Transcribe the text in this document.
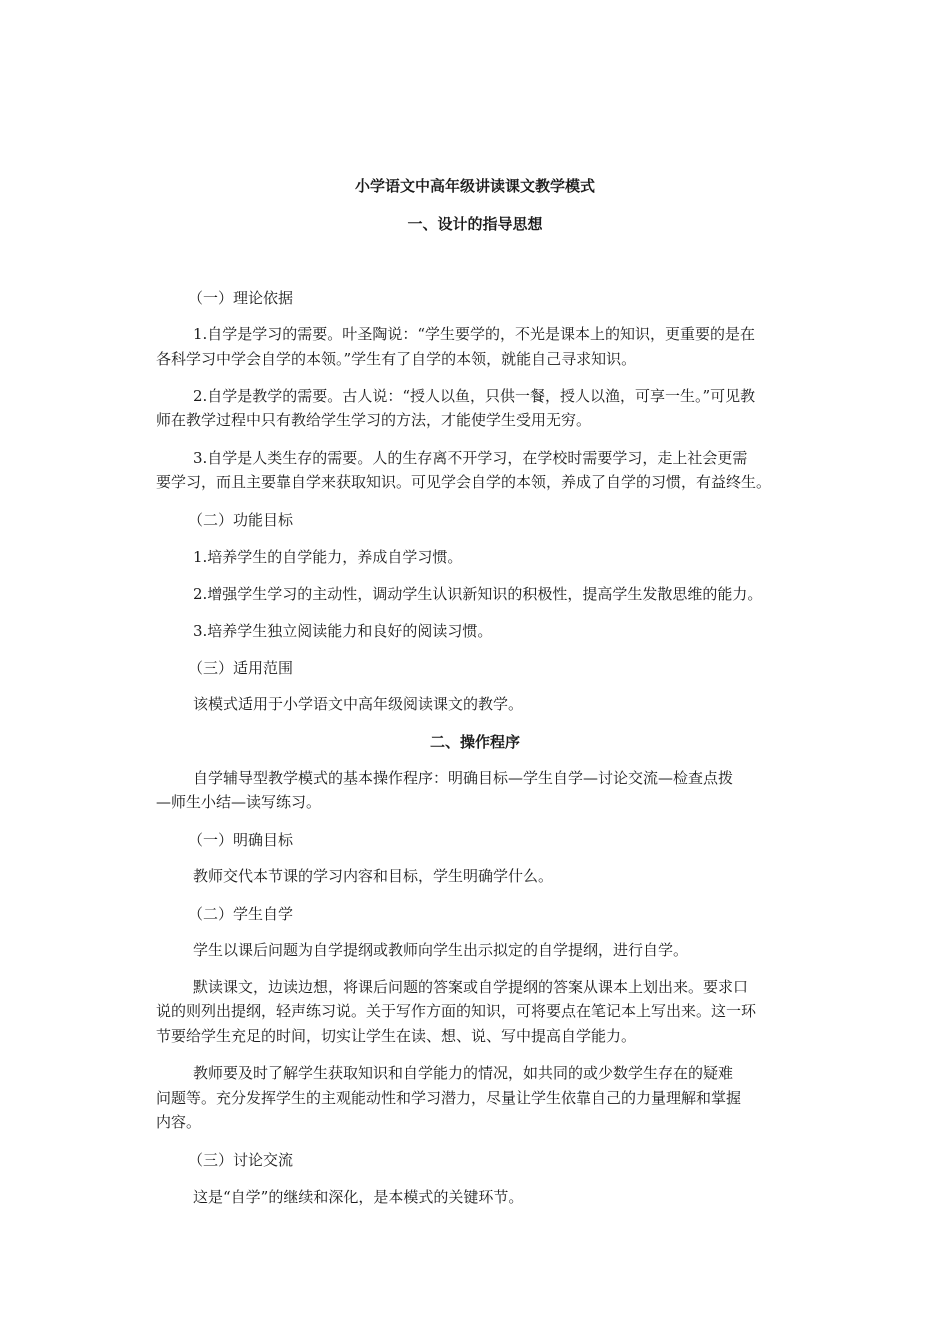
小学语文中高年级讲读课文教学模式
一、设计的指导思想
（一）理论依据
1.自学是学习的需要。叶圣陶说：“学生要学的，不光是课本上的知识，更重要的是在
各科学习中学会自学的本领。”学生有了自学的本领，就能自己寻求知识。
2.自学是教学的需要。古人说：“授人以鱼，只供一餐，授人以渔，可享一生。”可见教
师在教学过程中只有教给学生学习的方法，才能使学生受用无穷。
3.自学是人类生存的需要。人的生存离不开学习，在学校时需要学习，走上社会更需
要学习，而且主要靠自学来获取知识。可见学会自学的本领，养成了自学的习惯，有益终生。
（二）功能目标
1.培养学生的自学能力，养成自学习惯。
2.增强学生学习的主动性，调动学生认识新知识的积极性，提高学生发散思维的能力。
3.培养学生独立阅读能力和良好的阅读习惯。
（三）适用范围
该模式适用于小学语文中高年级阅读课文的教学。
二、操作程序
自学辅导型教学模式的基本操作程序：明确目标—学生自学—讨论交流—检查点拨
—师生小结—读写练习。
（一）明确目标
教师交代本节课的学习内容和目标，学生明确学什么。
（二）学生自学
学生以课后问题为自学提纲或教师向学生出示拟定的自学提纲，进行自学。
默读课文，边读边想，将课后问题的答案或自学提纲的答案从课本上划出来。要求口
说的则列出提纲，轻声练习说。关于写作方面的知识，可将要点在笔记本上写出来。这一环
节要给学生充足的时间，切实让学生在读、想、说、写中提高自学能力。
教师要及时了解学生获取知识和自学能力的情况，如共同的或少数学生存在的疑难
问题等。充分发挥学生的主观能动性和学习潜力，尽量让学生依靠自己的力量理解和掌握
内容。
（三）讨论交流
这是“自学”的继续和深化，是本模式的关键环节。
